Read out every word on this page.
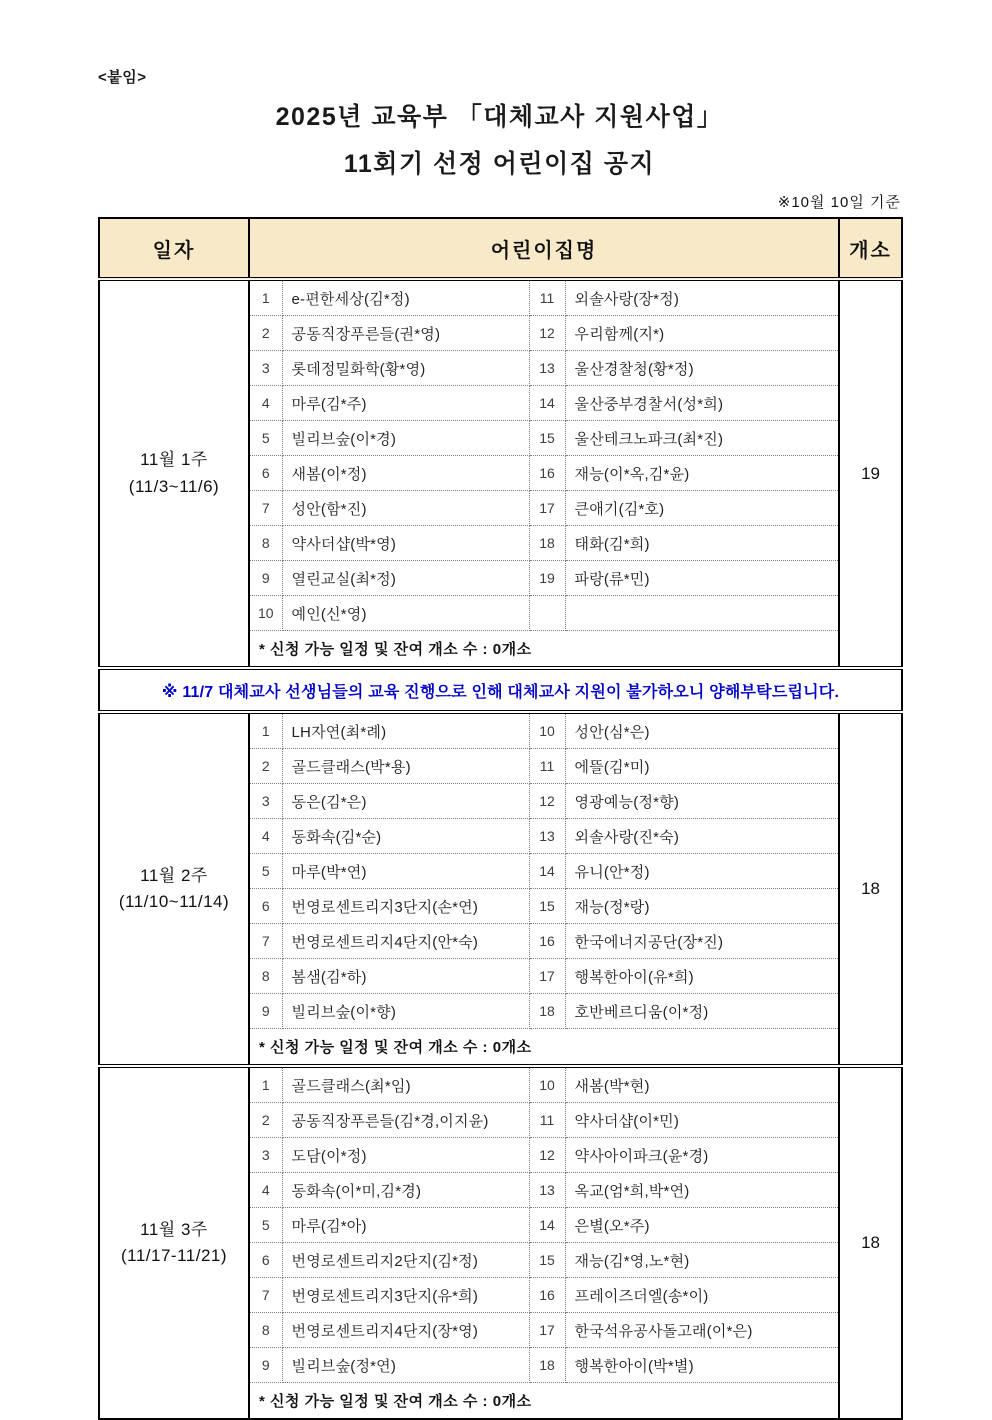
<붙임>
2025년 교육부 「대체교사 지원사업」
11회기 선정 어린이집 공지
※10월 10일 기준
일자	어린이집명				개소

11월 1주
(11/3~11/6)	1	e-편한세상(김*정)	11	외솔사랑(장*정)	19
	2	공동직장푸른들(권*영)	12	우리함께(지*)	
	3	롯데정밀화학(황*영)	13	울산경찰청(황*정)	
	4	마루(김*주)	14	울산중부경찰서(성*희)	
	5	빌리브숲(이*경)	15	울산테크노파크(최*진)	
	6	새봄(이*정)	16	재능(이*옥,김*윤)	
	7	성안(함*진)	17	큰애기(김*호)	
	8	약사더샵(박*영)	18	태화(김*희)	
	9	열린교실(최*정)	19	파랑(류*민)	
	10	예인(신*영)			
	* 신청 가능 일정 및 잔여 개소 수 : 0개소				
※ 11/7 대체교사 선생님들의 교육 진행으로 인해 대체교사 지원이 불가하오니 양해부탁드립니다.					

11월 2주
(11/10~11/14)	1	LH자연(최*례)	10	성안(심*은)	18
	2	골드클래스(박*용)	11	에뜰(김*미)	
	3	동은(김*은)	12	영광예능(정*향)	
	4	동화속(김*순)	13	외솔사랑(진*숙)	
	5	마루(박*연)	14	유니(안*정)	
	6	번영로센트리지3단지(손*연)	15	재능(정*랑)	
	7	번영로센트리지4단지(안*숙)	16	한국에너지공단(장*진)	
	8	봄샘(김*하)	17	행복한아이(유*희)	
	9	빌리브숲(이*향)	18	호반베르디움(이*정)	
	* 신청 가능 일정 및 잔여 개소 수 : 0개소				

11월 3주
(11/17-11/21)	1	골드클래스(최*임)	10	새봄(박*현)	18
	2	공동직장푸른들(김*경,이지윤)	11	약사더샵(이*민)	
	3	도담(이*정)	12	약사아이파크(윤*경)	
	4	동화속(이*미,김*경)	13	옥교(엄*희,박*연)	
	5	마루(김*아)	14	은별(오*주)	
	6	번영로센트리지2단지(김*정)	15	재능(김*영,노*현)	
	7	번영로센트리지3단지(유*희)	16	프레이즈더엘(송*이)	
	8	번영로센트리지4단지(장*영)	17	한국석유공사돌고래(이*은)	
	9	빌리브숲(정*연)	18	행복한아이(박*별)	
	* 신청 가능 일정 및 잔여 개소 수 : 0개소				
